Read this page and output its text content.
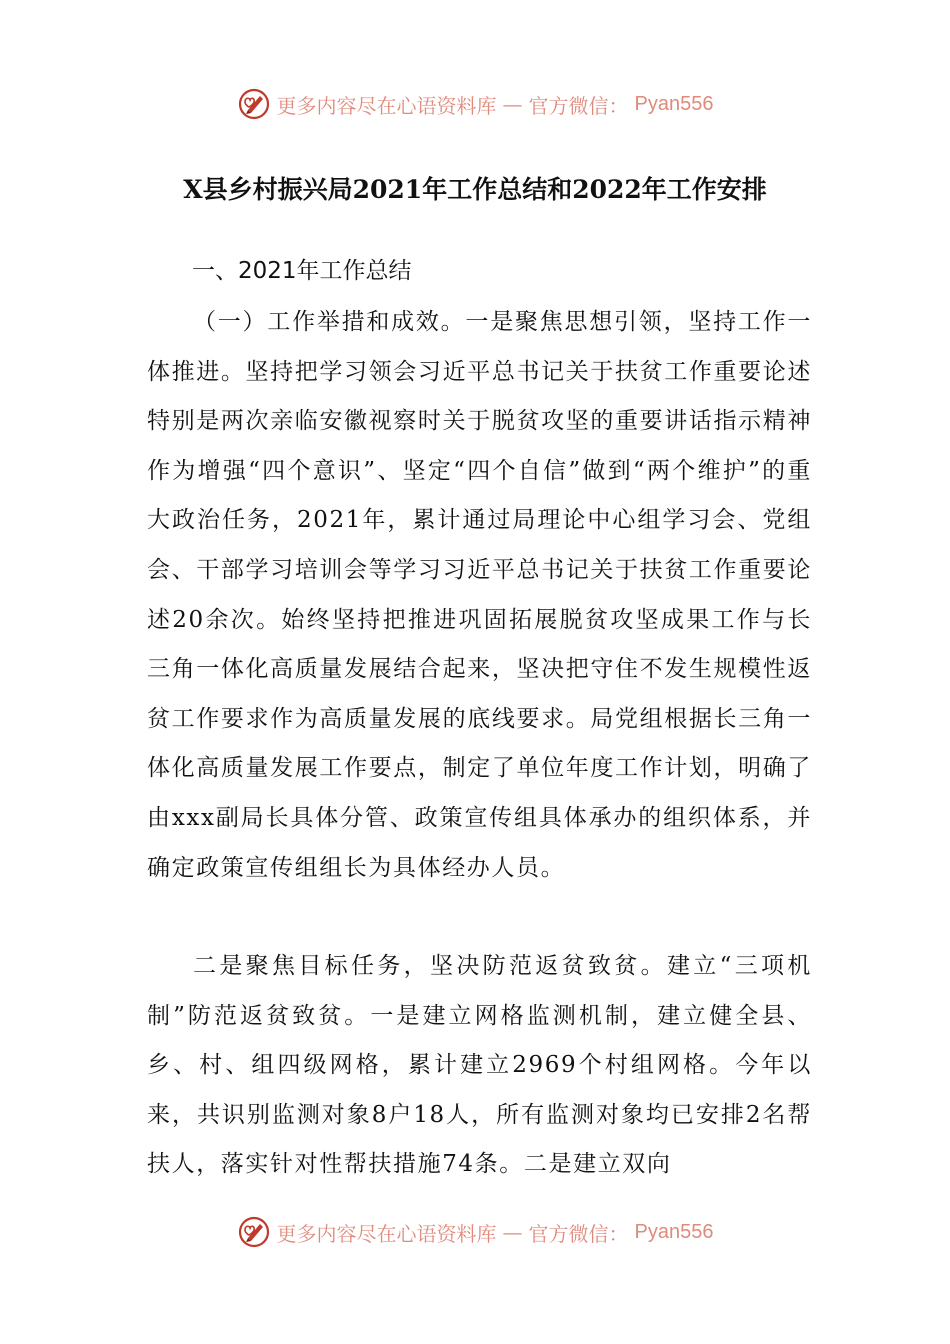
更多内容尽在心语资料库 — 官方微信： Pyan556
X县乡村振兴局2021年工作总结和2022年工作安排
一、2021年工作总结

（一）工作举措和成效。一是聚焦思想引领，坚持工作一体推进。坚持把学习领会习近平总书记关于扶贫工作重要论述特别是两次亲临安徽视察时关于脱贫攻坚的重要讲话指示精神作为增强“四个意识”、坚定“四个自信”做到“两个维护”的重大政治任务，2021年，累计通过局理论中心组学习会、党组会、干部学习培训会等学习习近平总书记关于扶贫工作重要论述20余次。始终坚持把推进巩固拓展脱贫攻坚成果工作与长三角一体化高质量发展结合起来，坚决把守住不发生规模性返贫工作要求作为高质量发展的底线要求。局党组根据长三角一体化高质量发展工作要点，制定了单位年度工作计划，明确了由xxx副局长具体分管、政策宣传组具体承办的组织体系，并确定政策宣传组组长为具体经办人员。

二是聚焦目标任务，坚决防范返贫致贫。建立“三项机制”防范返贫致贫。一是建立网格监测机制，建立健全县、乡、村、组四级网格，累计建立2969个村组网格。今年以来，共识别监测对象8户18人，所有监测对象均已安排2名帮扶人，落实针对性帮扶措施74条。二是建立双向

更多内容尽在心语资料库 — 官方微信： Pyan556
